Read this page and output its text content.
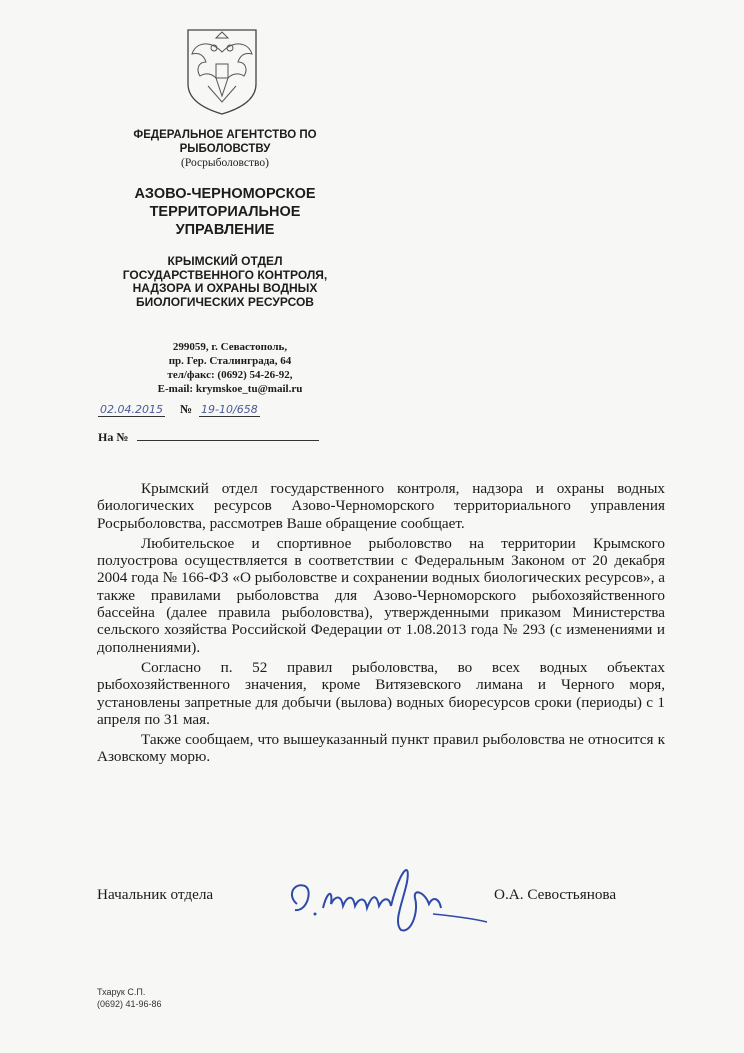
ФЕДЕРАЛЬНОЕ АГЕНТСТВО ПО
РЫБОЛОВСТВУ
(Росрыболовство)
АЗОВО-ЧЕРНОМОРСКОЕ
ТЕРРИТОРИАЛЬНОЕ
УПРАВЛЕНИЕ
КРЫМСКИЙ ОТДЕЛ
ГОСУДАРСТВЕННОГО КОНТРОЛЯ,
НАДЗОРА И ОХРАНЫ ВОДНЫХ
БИОЛОГИЧЕСКИХ РЕСУРСОВ
299059, г. Севастополь,
пр. Гер. Сталинграда, 64
тел/факс: (0692) 54-26-92,
E-mail: krymskoe_tu@mail.ru
02.04.2015 № 19-10/658
На №

Крымский отдел государственного контроля, надзора и охраны водных биологических ресурсов Азово-Черноморского территориального управления Росрыболовства, рассмотрев Ваше обращение сообщает.

Любительское и спортивное рыболовство на территории Крымского полуострова осуществляется в соответствии с Федеральным Законом от 20 декабря 2004 года № 166-ФЗ «О рыболовстве и сохранении водных биологических ресурсов», а также правилами рыболовства для Азово-Черноморского рыбохозяйственного бассейна (далее правила рыболовства), утвержденными приказом Министерства сельского хозяйства Российской Федерации от 1.08.2013 года № 293 (с изменениями и дополнениями).

Согласно п. 52 правил рыболовства, во всех водных объектах рыбохозяйственного значения, кроме Витязевского лимана и Черного моря, установлены запретные для добычи (вылова) водных биоресурсов сроки (периоды) с 1 апреля по 31 мая.

Также сообщаем, что вышеуказанный пункт правил рыболовства не относится к Азовскому морю.

Начальник отдела	О.А. Севостьянова
Тхарук С.П.
(0692) 41-96-86
